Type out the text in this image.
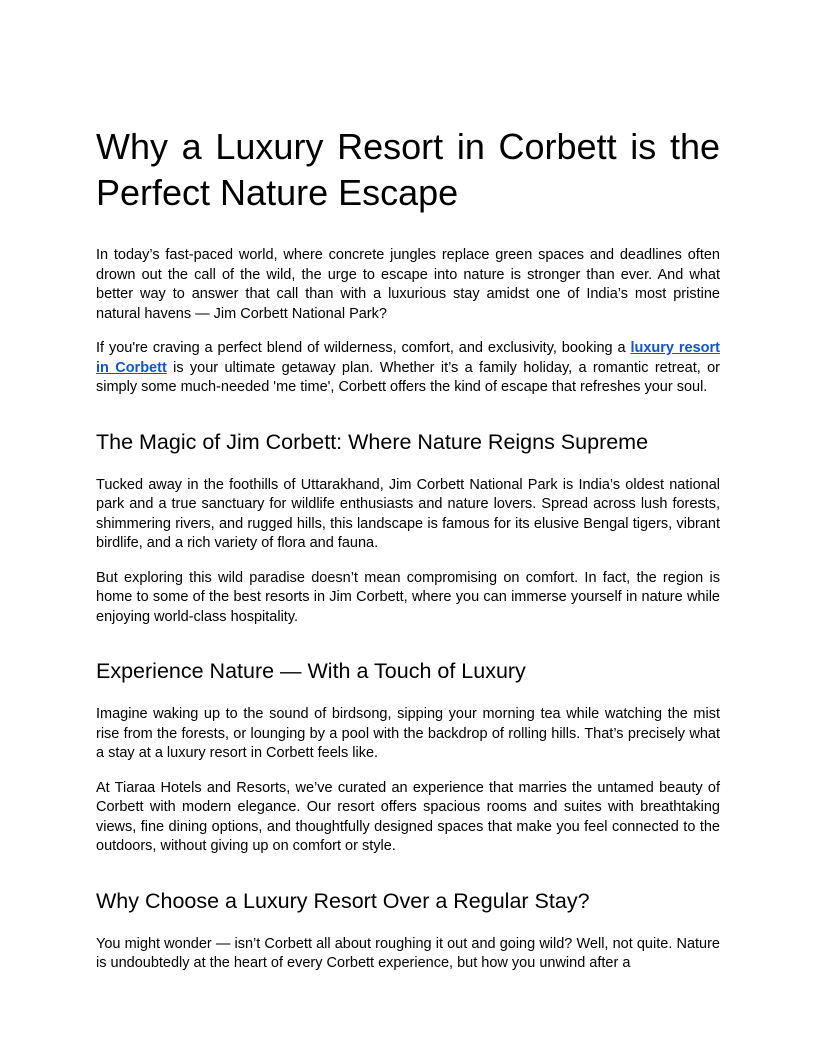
Why a Luxury Resort in Corbett is the Perfect Nature Escape

In today’s fast-paced world, where concrete jungles replace green spaces and deadlines often drown out the call of the wild, the urge to escape into nature is stronger than ever. And what better way to answer that call than with a luxurious stay amidst one of India’s most pristine natural havens — Jim Corbett National Park?

If you're craving a perfect blend of wilderness, comfort, and exclusivity, booking a luxury resort in Corbett is your ultimate getaway plan. Whether it’s a family holiday, a romantic retreat, or simply some much-needed 'me time', Corbett offers the kind of escape that refreshes your soul.

The Magic of Jim Corbett: Where Nature Reigns Supreme

Tucked away in the foothills of Uttarakhand, Jim Corbett National Park is India’s oldest national park and a true sanctuary for wildlife enthusiasts and nature lovers. Spread across lush forests, shimmering rivers, and rugged hills, this landscape is famous for its elusive Bengal tigers, vibrant birdlife, and a rich variety of flora and fauna.

But exploring this wild paradise doesn’t mean compromising on comfort. In fact, the region is home to some of the best resorts in Jim Corbett, where you can immerse yourself in nature while enjoying world-class hospitality.

Experience Nature — With a Touch of Luxury

Imagine waking up to the sound of birdsong, sipping your morning tea while watching the mist rise from the forests, or lounging by a pool with the backdrop of rolling hills. That’s precisely what a stay at a luxury resort in Corbett feels like.

At Tiaraa Hotels and Resorts, we’ve curated an experience that marries the untamed beauty of Corbett with modern elegance. Our resort offers spacious rooms and suites with breathtaking views, fine dining options, and thoughtfully designed spaces that make you feel connected to the outdoors, without giving up on comfort or style.

Why Choose a Luxury Resort Over a Regular Stay?

You might wonder — isn’t Corbett all about roughing it out and going wild? Well, not quite. Nature is undoubtedly at the heart of every Corbett experience, but how you unwind after a
